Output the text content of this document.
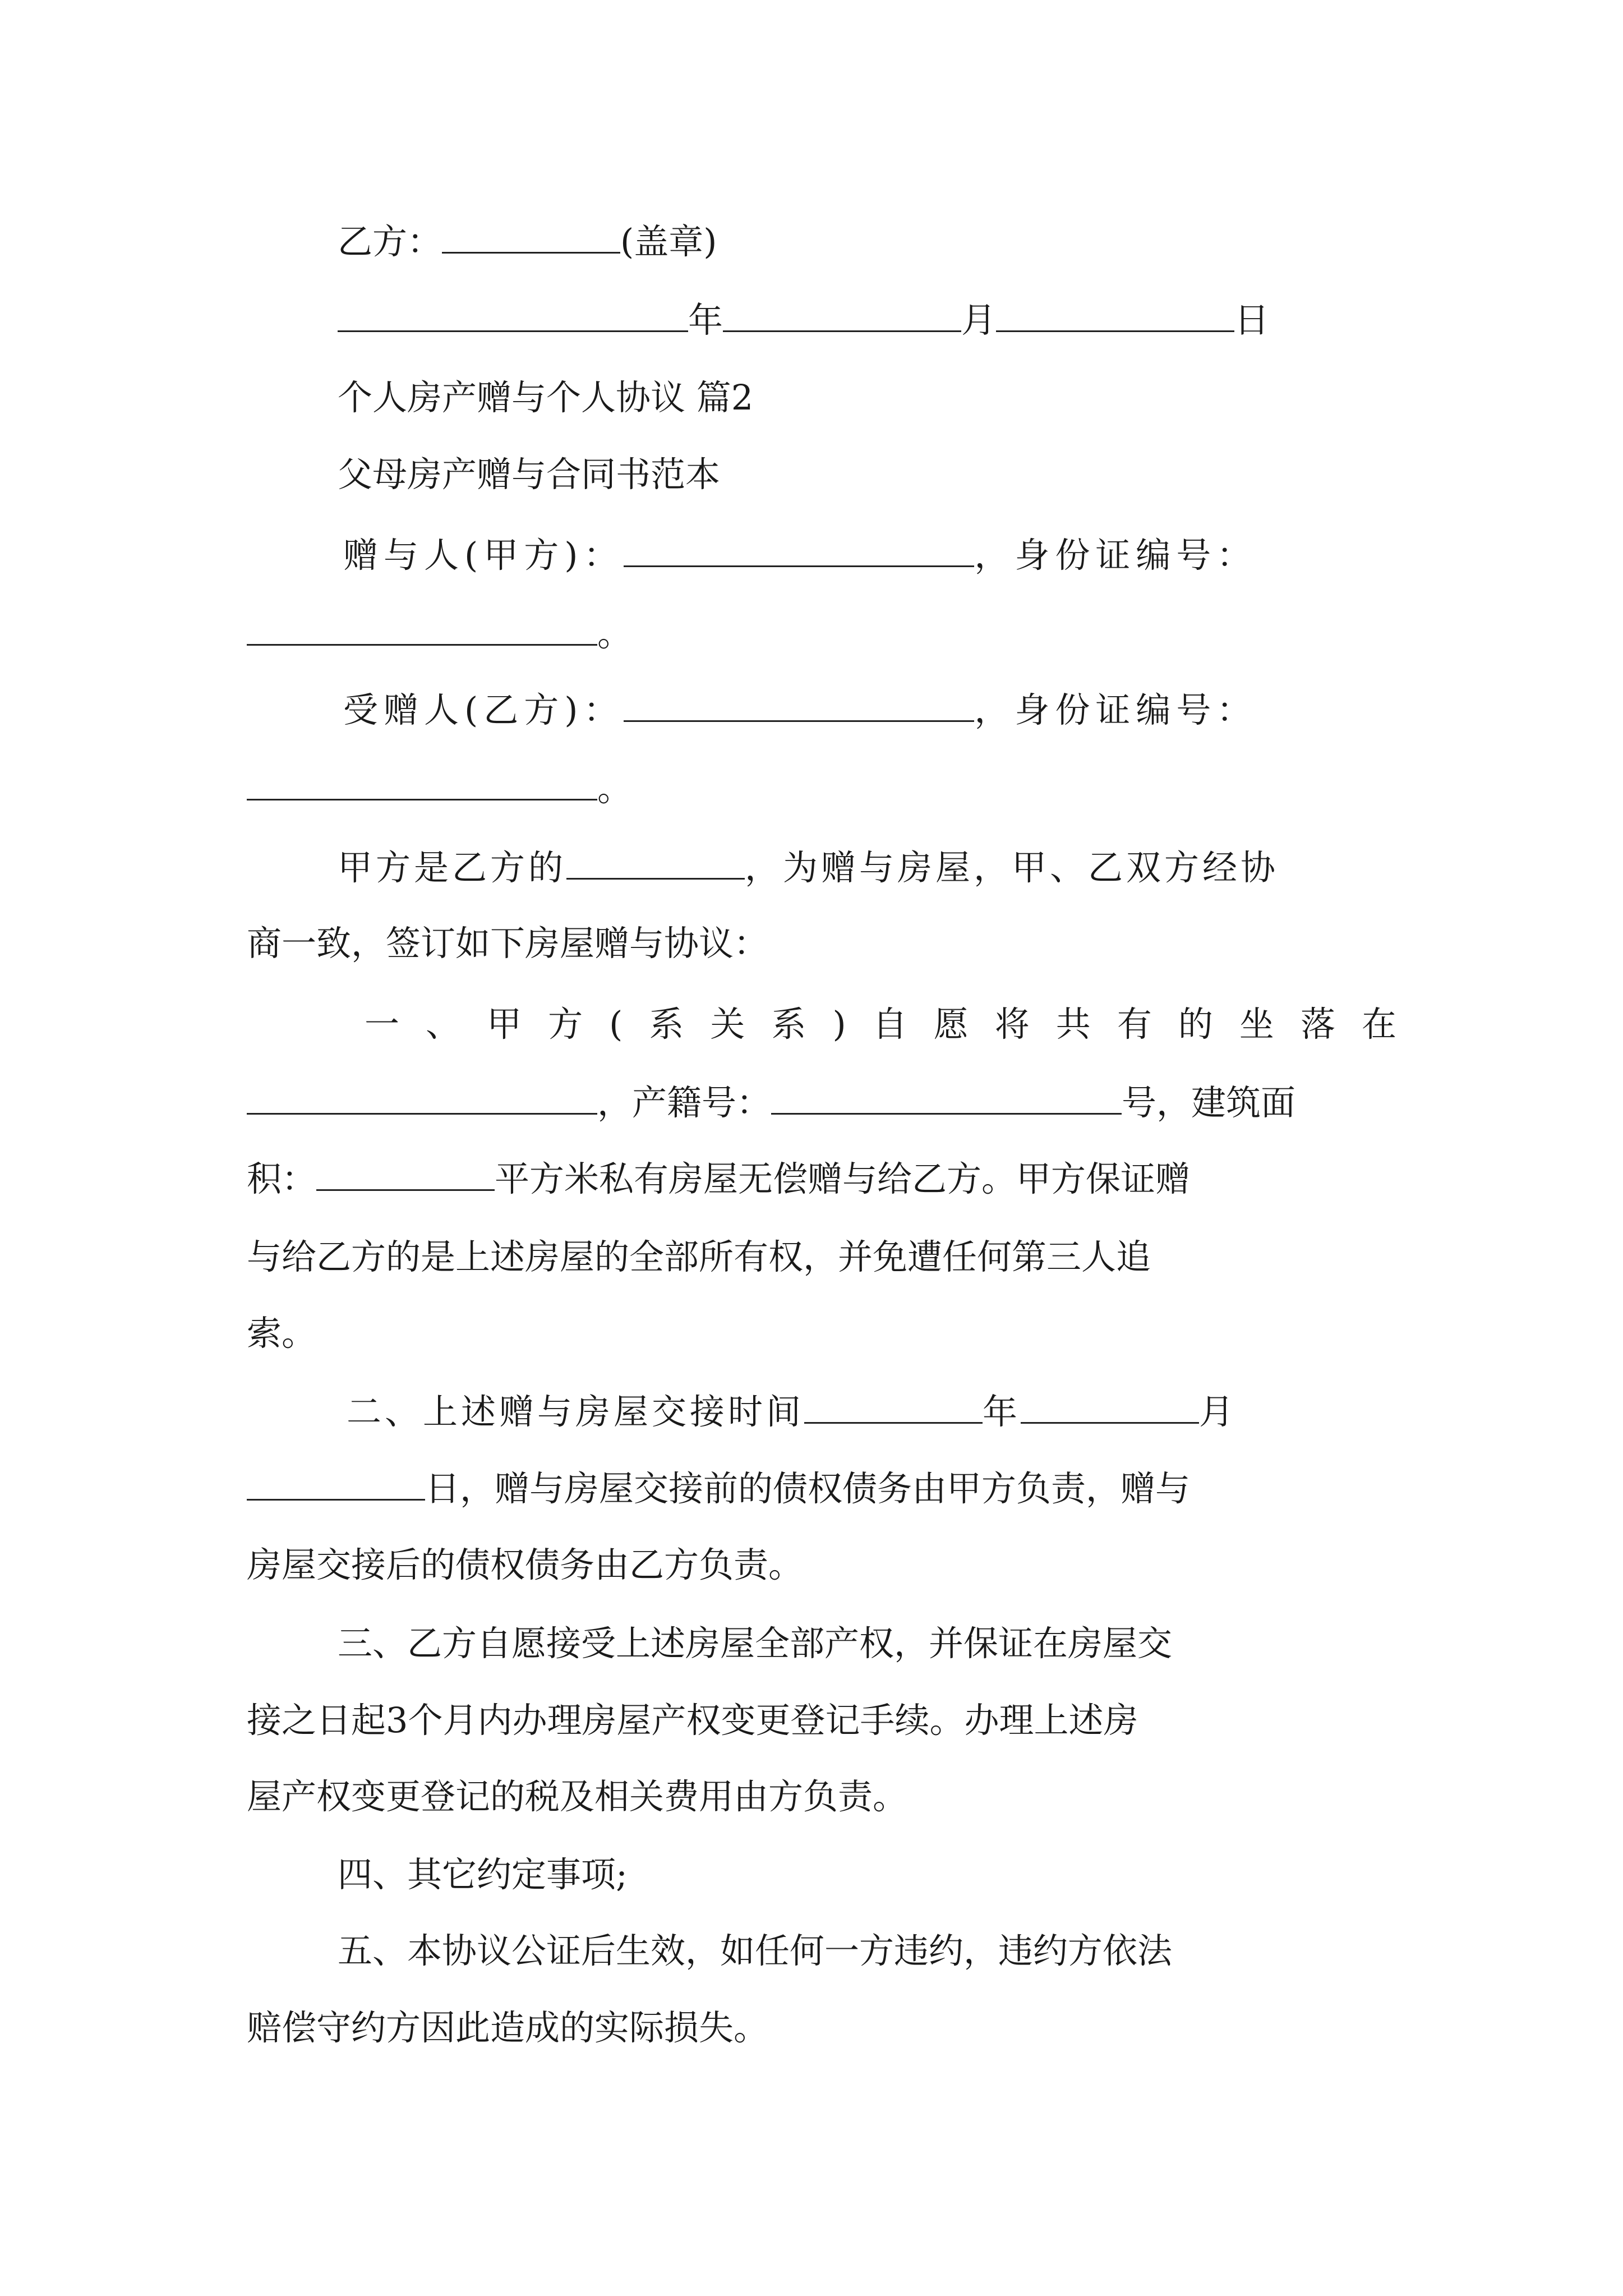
乙方：	(盖章)
年	月	日
个人房产赠与个人协议 篇2
父母房产赠与合同书范本
赠与人(甲方)：	，身份证编号：
。
受赠人(乙方)：	，身份证编号：
。
甲方是乙方的	，为赠与房屋，甲、乙双方经协
商一致，签订如下房屋赠与协议：
一、甲方(系关系)自愿将共有的坐落在
，产籍号：	号，建筑面
积：	平方米私有房屋无偿赠与给乙方。甲方保证赠
与给乙方的是上述房屋的全部所有权，并免遭任何第三人追
索。
二、上述赠与房屋交接时间	年	月
日，赠与房屋交接前的债权债务由甲方负责，赠与
房屋交接后的债权债务由乙方负责。
三、乙方自愿接受上述房屋全部产权，并保证在房屋交
接之日起3个月内办理房屋产权变更登记手续。办理上述房
屋产权变更登记的税及相关费用由方负责。
四、其它约定事项;
五、本协议公证后生效，如任何一方违约，违约方依法
赔偿守约方因此造成的实际损失。
